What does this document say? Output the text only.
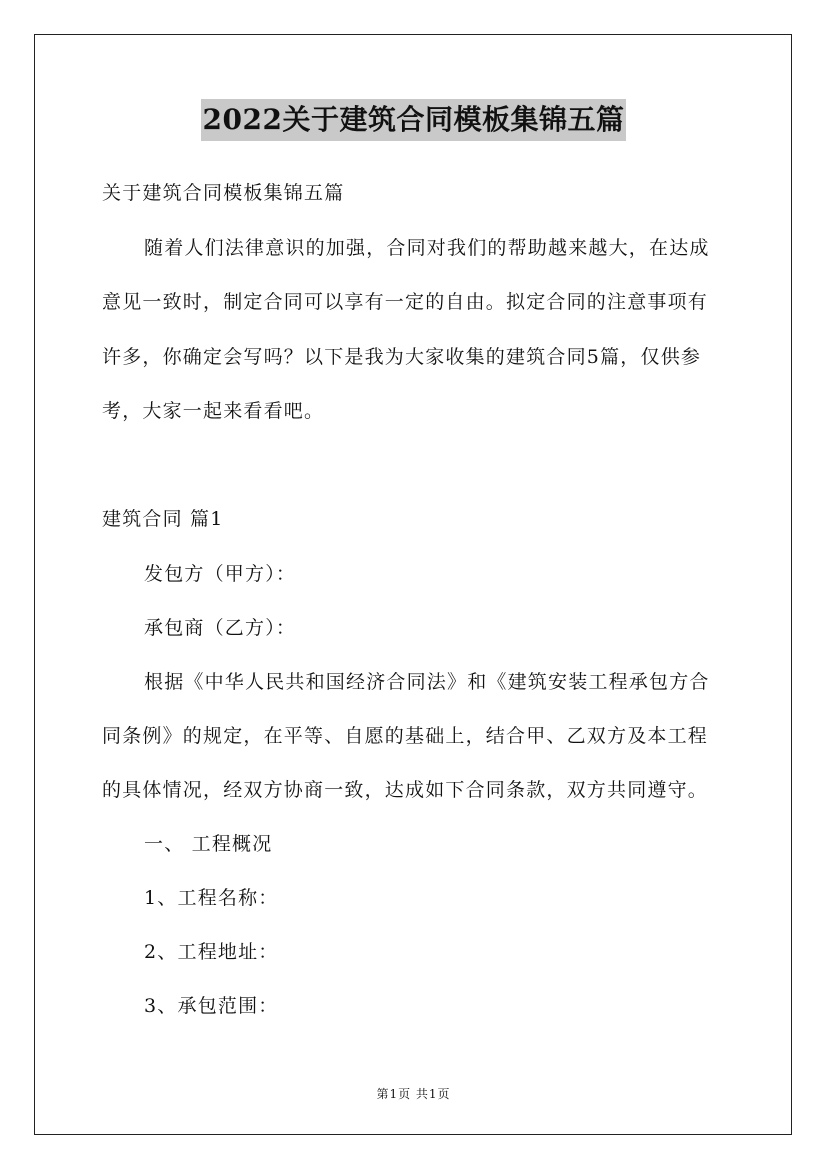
2022关于建筑合同模板集锦五篇
关于建筑合同模板集锦五篇
随着人们法律意识的加强，合同对我们的帮助越来越大，在达成
意见一致时，制定合同可以享有一定的自由。拟定合同的注意事项有
许多，你确定会写吗？以下是我为大家收集的建筑合同5篇，仅供参
考，大家一起来看看吧。
建筑合同 篇1
发包方（甲方）：
承包商（乙方）：
根据《中华人民共和国经济合同法》和《建筑安装工程承包方合
同条例》的规定，在平等、自愿的基础上，结合甲、乙双方及本工程
的具体情况，经双方协商一致，达成如下合同条款，双方共同遵守。
一、 工程概况
1、工程名称：
2、工程地址：
3、承包范围：
第1页 共1页
